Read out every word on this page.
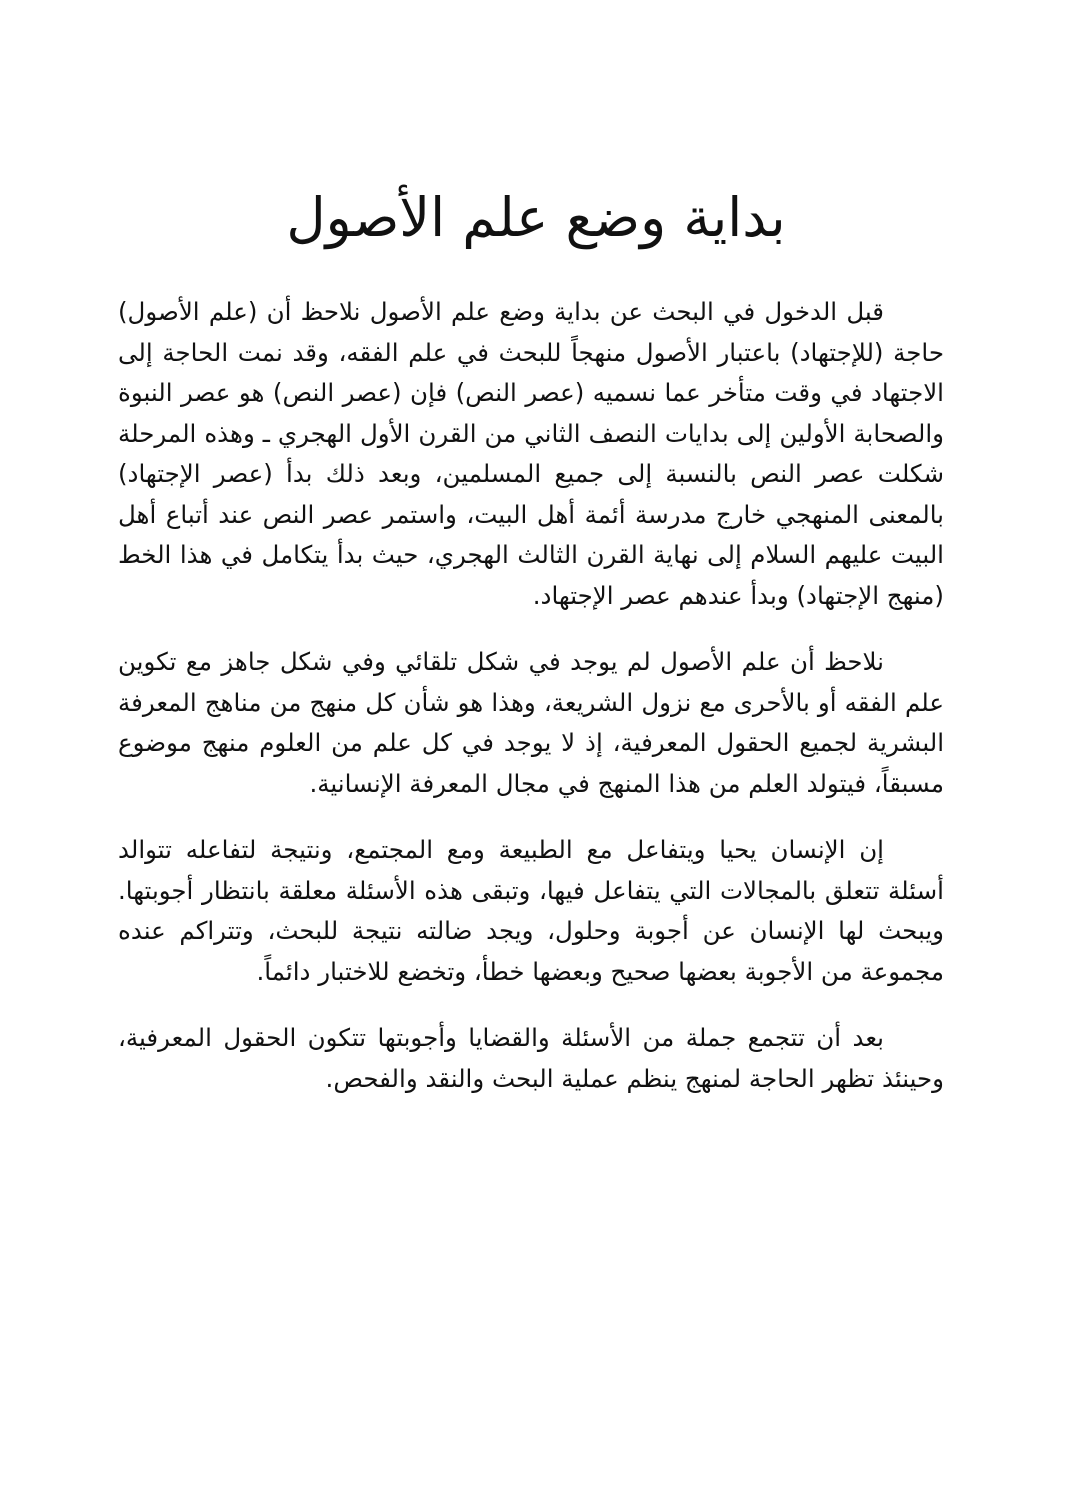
بداية وضع علم الأصول

قبل الدخول في البحث عن بداية وضع علم الأصول نلاحظ أن (علم الأصول) حاجة (للإجتهاد) باعتبار الأصول منهجاً للبحث في علم الفقه، وقد نمت الحاجة إلى الاجتهاد في وقت متأخر عما نسميه (عصر النص) فإن (عصر النص) هو عصر النبوة والصحابة الأولين إلى بدايات النصف الثاني من القرن الأول الهجري ـ وهذه المرحلة شكلت عصر النص بالنسبة إلى جميع المسلمين، وبعد ذلك بدأ (عصر الإجتهاد) بالمعنى المنهجي خارج مدرسة أئمة أهل البيت، واستمر عصر النص عند أتباع أهل البيت عليهم السلام إلى نهاية القرن الثالث الهجري، حيث بدأ يتكامل في هذا الخط (منهج الإجتهاد) وبدأ عندهم عصر الإجتهاد.

نلاحظ أن علم الأصول لم يوجد في شكل تلقائي وفي شكل جاهز مع تكوين علم الفقه أو بالأحرى مع نزول الشريعة، وهذا هو شأن كل منهج من مناهج المعرفة البشرية لجميع الحقول المعرفية، إذ لا يوجد في كل علم من العلوم منهج موضوع مسبقاً، فيتولد العلم من هذا المنهج في مجال المعرفة الإنسانية.

إن الإنسان يحيا ويتفاعل مع الطبيعة ومع المجتمع، ونتيجة لتفاعله تتوالد أسئلة تتعلق بالمجالات التي يتفاعل فيها، وتبقى هذه الأسئلة معلقة بانتظار أجوبتها. ويبحث لها الإنسان عن أجوبة وحلول، ويجد ضالته نتيجة للبحث، وتتراكم عنده مجموعة من الأجوبة بعضها صحيح وبعضها خطأ، وتخضع للاختبار دائماً.

بعد أن تتجمع جملة من الأسئلة والقضايا وأجوبتها تتكون الحقول المعرفية، وحينئذ تظهر الحاجة لمنهج ينظم عملية البحث والنقد والفحص.
